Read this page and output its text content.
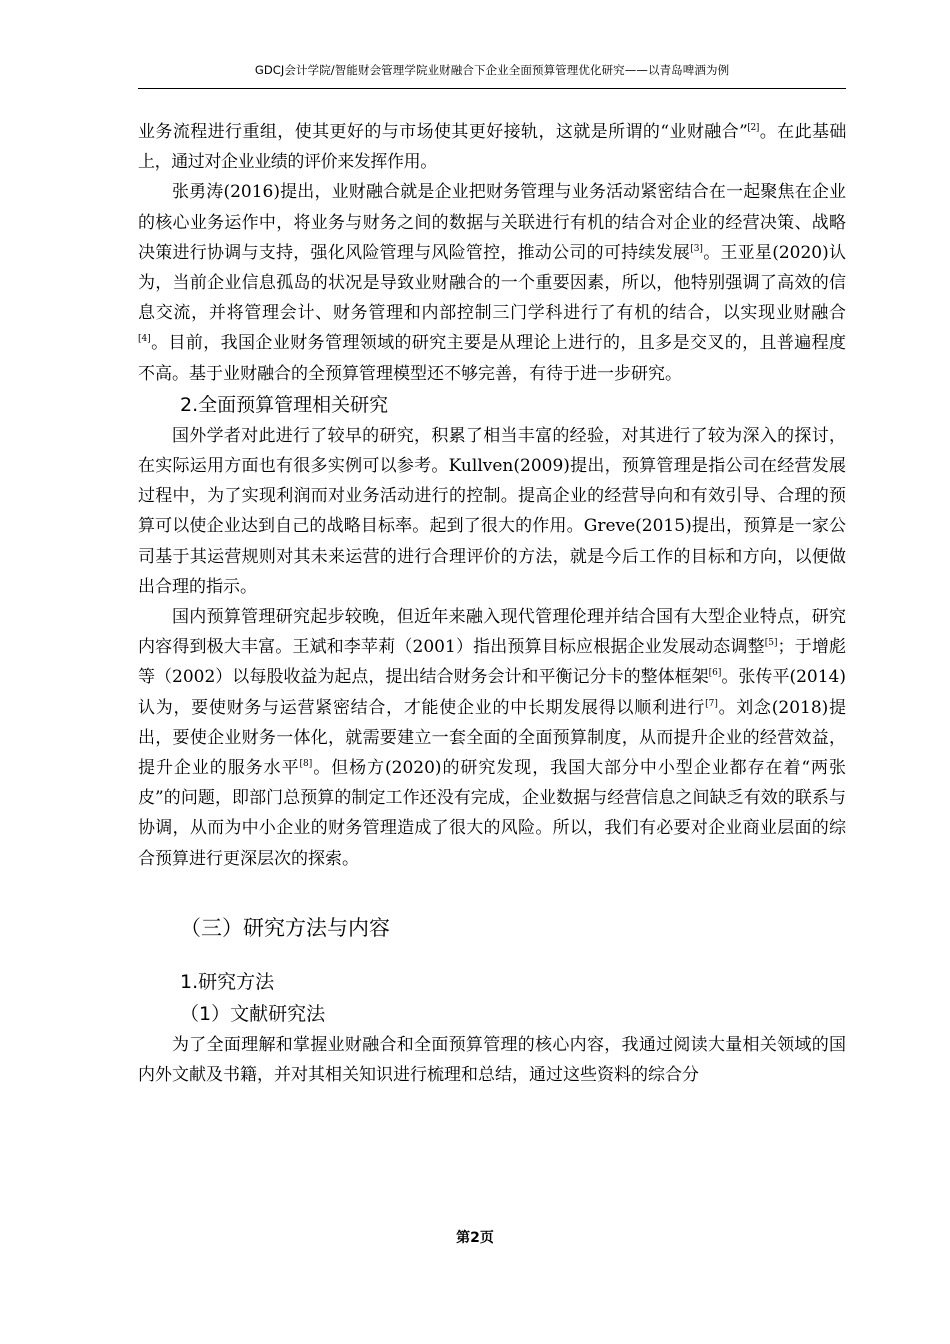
GDCJ会计学院/智能财会管理学院业财融合下企业全面预算管理优化研究——以青岛啤酒为例

业务流程进行重组，使其更好的与市场使其更好接轨，这就是所谓的“业财融合”[2]。在此基础上，通过对企业业绩的评价来发挥作用。

张勇涛(2016)提出，业财融合就是企业把财务管理与业务活动紧密结合在一起聚焦在企业的核心业务运作中，将业务与财务之间的数据与关联进行有机的结合对企业的经营决策、战略决策进行协调与支持，强化风险管理与风险管控，推动公司的可持续发展[3]。王亚星(2020)认为，当前企业信息孤岛的状况是导致业财融合的一个重要因素，所以，他特别强调了高效的信息交流，并将管理会计、财务管理和内部控制三门学科进行了有机的结合，以实现业财融合[4]。目前，我国企业财务管理领域的研究主要是从理论上进行的，且多是交叉的，且普遍程度不高。基于业财融合的全预算管理模型还不够完善，有待于进一步研究。

2.全面预算管理相关研究

国外学者对此进行了较早的研究，积累了相当丰富的经验，对其进行了较为深入的探讨，在实际运用方面也有很多实例可以参考。Kullven(2009)提出，预算管理是指公司在经营发展过程中，为了实现利润而对业务活动进行的控制。提高企业的经营导向和有效引导、合理的预算可以使企业达到自己的战略目标率。起到了很大的作用。Greve(2015)提出，预算是一家公司基于其运营规则对其未来运营的进行合理评价的方法，就是今后工作的目标和方向，以便做出合理的指示。

国内预算管理研究起步较晚，但近年来融入现代管理伦理并结合国有大型企业特点，研究内容得到极大丰富。王斌和李苹莉（2001）指出预算目标应根据企业发展动态调整[5]；于增彪等（2002）以每股收益为起点，提出结合财务会计和平衡记分卡的整体框架[6]。张传平(2014)认为，要使财务与运营紧密结合，才能使企业的中长期发展得以顺利进行[7]。刘念(2018)提出，要使企业财务一体化，就需要建立一套全面的全面预算制度，从而提升企业的经营效益，提升企业的服务水平[8]。但杨方(2020)的研究发现，我国大部分中小型企业都存在着“两张皮”的问题，即部门总预算的制定工作还没有完成，企业数据与经营信息之间缺乏有效的联系与协调，从而为中小企业的财务管理造成了很大的风险。所以，我们有必要对企业商业层面的综合预算进行更深层次的探索。

（三）研究方法与内容
1.研究方法
（1）文献研究法

为了全面理解和掌握业财融合和全面预算管理的核心内容，我通过阅读大量相关领域的国内外文献及书籍，并对其相关知识进行梳理和总结，通过这些资料的综合分

第2页
